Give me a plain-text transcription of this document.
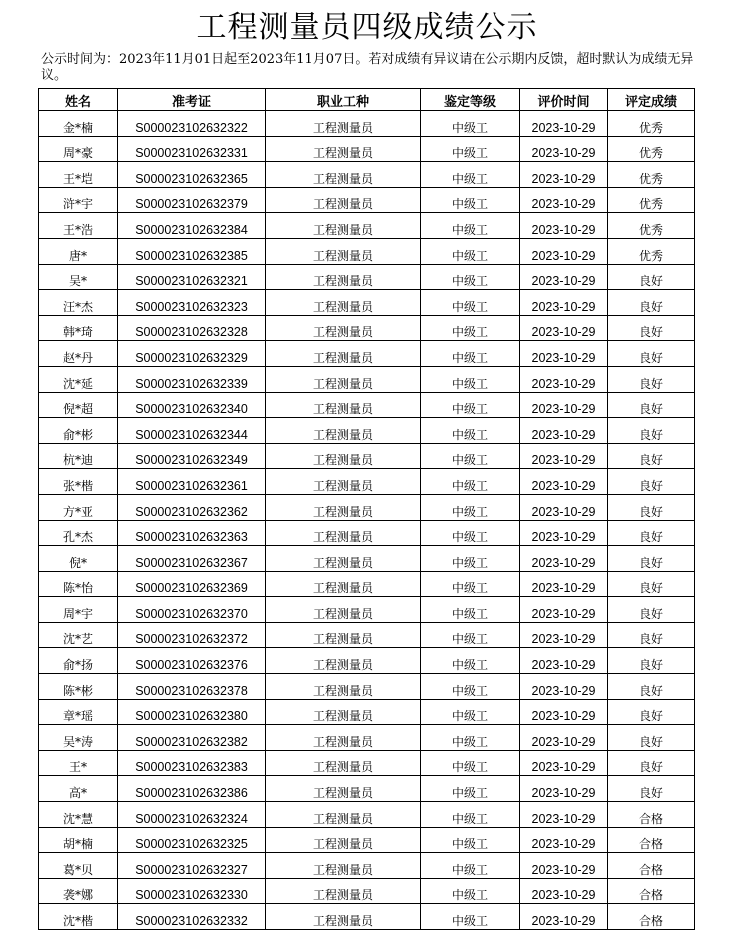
工程测量员四级成绩公示

公示时间为：2023年11月01日起至2023年11月07日。若对成绩有异议请在公示期内反馈，超时默认为成绩无异议。

姓名	准考证	职业工种	鉴定等级	评价时间	评定成绩
金*楠	S000023102632322	工程测量员	中级工	2023-10-29	优秀
周*豪	S000023102632331	工程测量员	中级工	2023-10-29	优秀
王*垲	S000023102632365	工程测量员	中级工	2023-10-29	优秀
浒*宇	S000023102632379	工程测量员	中级工	2023-10-29	优秀
王*浩	S000023102632384	工程测量员	中级工	2023-10-29	优秀
唐*	S000023102632385	工程测量员	中级工	2023-10-29	优秀
吴*	S000023102632321	工程测量员	中级工	2023-10-29	良好
汪*杰	S000023102632323	工程测量员	中级工	2023-10-29	良好
韩*琦	S000023102632328	工程测量员	中级工	2023-10-29	良好
赵*丹	S000023102632329	工程测量员	中级工	2023-10-29	良好
沈*延	S000023102632339	工程测量员	中级工	2023-10-29	良好
倪*超	S000023102632340	工程测量员	中级工	2023-10-29	良好
俞*彬	S000023102632344	工程测量员	中级工	2023-10-29	良好
杭*迪	S000023102632349	工程测量员	中级工	2023-10-29	良好
张*楷	S000023102632361	工程测量员	中级工	2023-10-29	良好
方*亚	S000023102632362	工程测量员	中级工	2023-10-29	良好
孔*杰	S000023102632363	工程测量员	中级工	2023-10-29	良好
倪*	S000023102632367	工程测量员	中级工	2023-10-29	良好
陈*怡	S000023102632369	工程测量员	中级工	2023-10-29	良好
周*宇	S000023102632370	工程测量员	中级工	2023-10-29	良好
沈*艺	S000023102632372	工程测量员	中级工	2023-10-29	良好
俞*扬	S000023102632376	工程测量员	中级工	2023-10-29	良好
陈*彬	S000023102632378	工程测量员	中级工	2023-10-29	良好
章*瑶	S000023102632380	工程测量员	中级工	2023-10-29	良好
吴*涛	S000023102632382	工程测量员	中级工	2023-10-29	良好
王*	S000023102632383	工程测量员	中级工	2023-10-29	良好
高*	S000023102632386	工程测量员	中级工	2023-10-29	良好
沈*慧	S000023102632324	工程测量员	中级工	2023-10-29	合格
胡*楠	S000023102632325	工程测量员	中级工	2023-10-29	合格
葛*贝	S000023102632327	工程测量员	中级工	2023-10-29	合格
袭*娜	S000023102632330	工程测量员	中级工	2023-10-29	合格
沈*楷	S000023102632332	工程测量员	中级工	2023-10-29	合格
